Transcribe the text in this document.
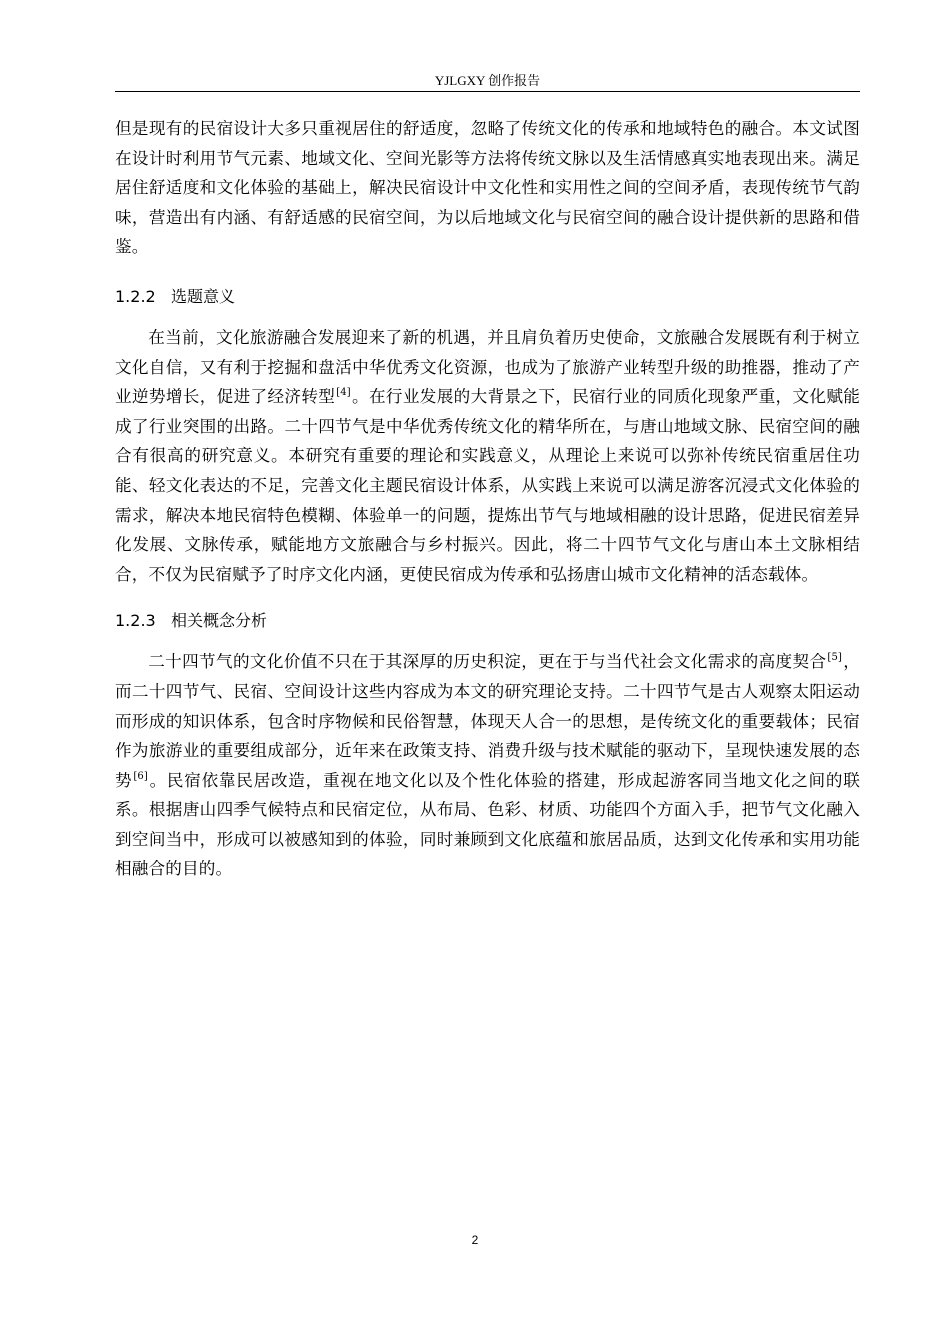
YJLGXY 创作报告

但是现有的民宿设计大多只重视居住的舒适度，忽略了传统文化的传承和地域特色的融合。本文试图在设计时利用节气元素、地域文化、空间光影等方法将传统文脉以及生活情感真实地表现出来。满足居住舒适度和文化体验的基础上，解决民宿设计中文化性和实用性之间的空间矛盾，表现传统节气韵味，营造出有内涵、有舒适感的民宿空间，为以后地域文化与民宿空间的融合设计提供新的思路和借鉴。

1.2.2 选题意义

在当前，文化旅游融合发展迎来了新的机遇，并且肩负着历史使命，文旅融合发展既有利于树立文化自信，又有利于挖掘和盘活中华优秀文化资源，也成为了旅游产业转型升级的助推器，推动了产业逆势增长，促进了经济转型[4]。在行业发展的大背景之下，民宿行业的同质化现象严重，文化赋能成了行业突围的出路。二十四节气是中华优秀传统文化的精华所在，与唐山地域文脉、民宿空间的融合有很高的研究意义。本研究有重要的理论和实践意义，从理论上来说可以弥补传统民宿重居住功能、轻文化表达的不足，完善文化主题民宿设计体系，从实践上来说可以满足游客沉浸式文化体验的需求，解决本地民宿特色模糊、体验单一的问题，提炼出节气与地域相融的设计思路，促进民宿差异化发展、文脉传承，赋能地方文旅融合与乡村振兴。因此，将二十四节气文化与唐山本土文脉相结合，不仅为民宿赋予了时序文化内涵，更使民宿成为传承和弘扬唐山城市文化精神的活态载体。

1.2.3 相关概念分析

二十四节气的文化价值不只在于其深厚的历史积淀，更在于与当代社会文化需求的高度契合[5]，而二十四节气、民宿、空间设计这些内容成为本文的研究理论支持。二十四节气是古人观察太阳运动而形成的知识体系，包含时序物候和民俗智慧，体现天人合一的思想，是传统文化的重要载体；民宿作为旅游业的重要组成部分，近年来在政策支持、消费升级与技术赋能的驱动下，呈现快速发展的态势[6]。民宿依靠民居改造，重视在地文化以及个性化体验的搭建，形成起游客同当地文化之间的联系。根据唐山四季气候特点和民宿定位，从布局、色彩、材质、功能四个方面入手，把节气文化融入到空间当中，形成可以被感知到的体验，同时兼顾到文化底蕴和旅居品质，达到文化传承和实用功能相融合的目的。

2
